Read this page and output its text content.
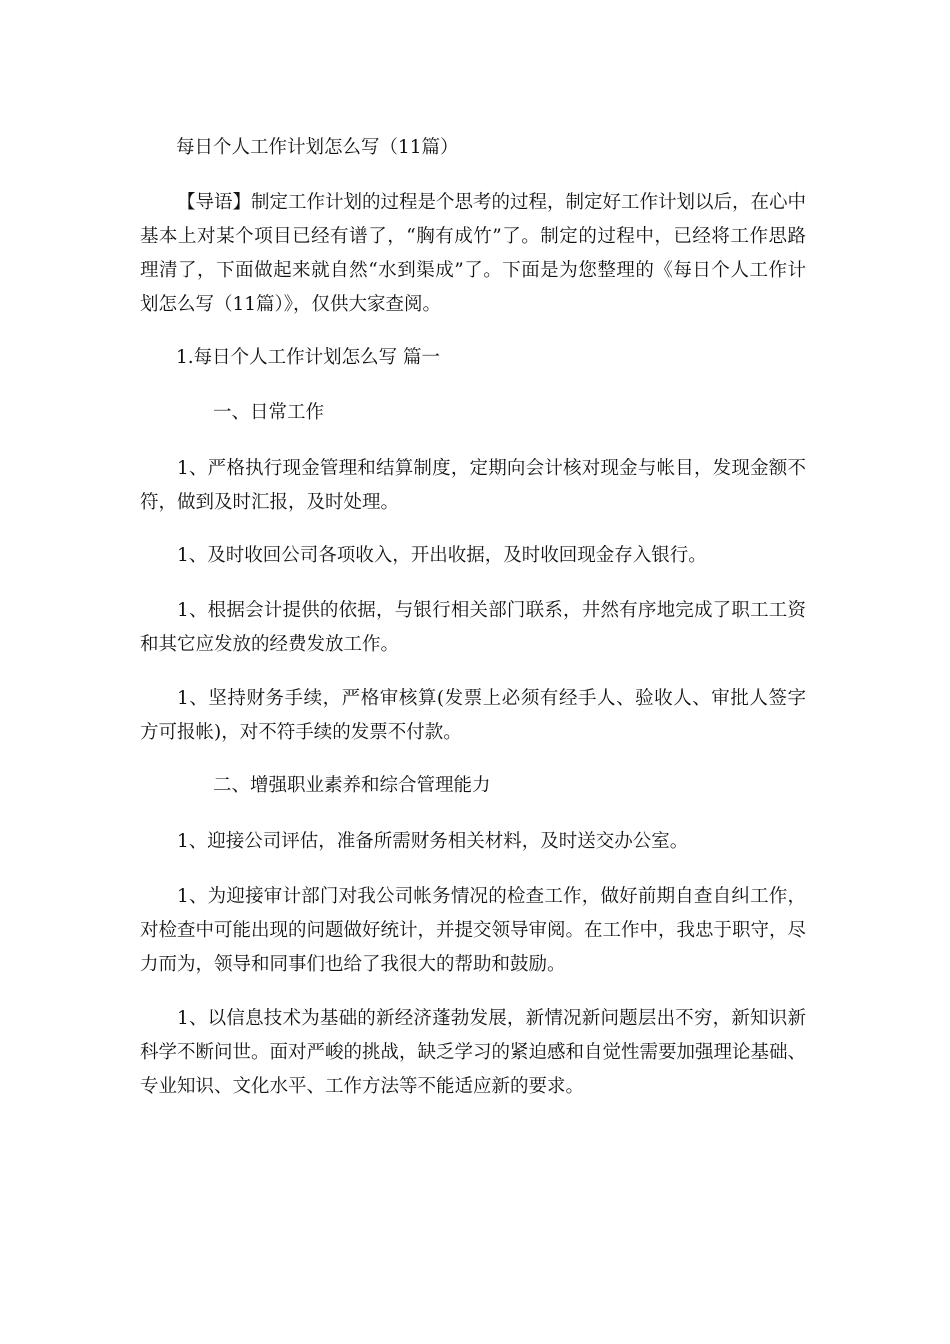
每日个人工作计划怎么写（11篇）

【导语】制定工作计划的过程是个思考的过程，制定好工作计划以后，在心中基本上对某个项目已经有谱了，“胸有成竹”了。制定的过程中，已经将工作思路理清了，下面做起来就自然“水到渠成”了。下面是为您整理的《每日个人工作计划怎么写（11篇）》，仅供大家查阅。

1.每日个人工作计划怎么写 篇一

一、日常工作

1、严格执行现金管理和结算制度，定期向会计核对现金与帐目，发现金额不符，做到及时汇报，及时处理。

1、及时收回公司各项收入，开出收据，及时收回现金存入银行。

1、根据会计提供的依据，与银行相关部门联系，井然有序地完成了职工工资和其它应发放的经费发放工作。

1、坚持财务手续，严格审核算(发票上必须有经手人、验收人、审批人签字方可报帐)，对不符手续的发票不付款。

二、增强职业素养和综合管理能力

1、迎接公司评估，准备所需财务相关材料，及时送交办公室。

1、为迎接审计部门对我公司帐务情况的检查工作，做好前期自查自纠工作，对检查中可能出现的问题做好统计，并提交领导审阅。在工作中，我忠于职守，尽力而为，领导和同事们也给了我很大的帮助和鼓励。

1、以信息技术为基础的新经济蓬勃发展，新情况新问题层出不穷，新知识新科学不断问世。面对严峻的挑战，缺乏学习的紧迫感和自觉性需要加强理论基础、专业知识、文化水平、工作方法等不能适应新的要求。
